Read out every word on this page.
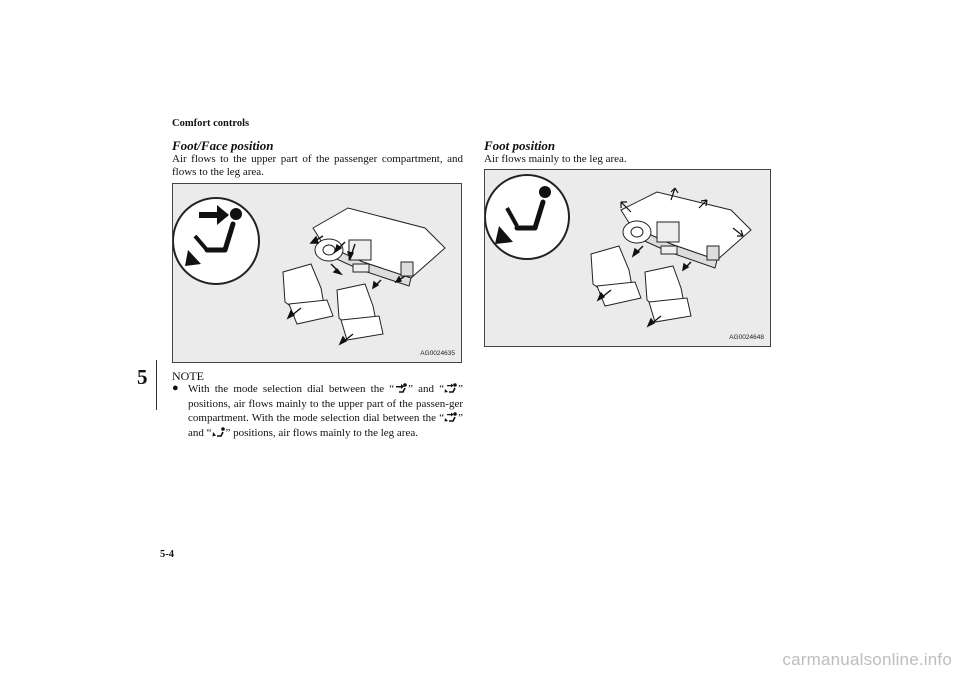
Comfort controls
5
Foot/Face position
Air flows to the upper part of the passenger compartment, and flows to the leg area.
AG0024635
NOTE
● With the mode selection dial between the “ ” and “ ” positions, air flows mainly to the upper part of the passen-ger compartment. With the mode selection dial between the “ ” and “ ” positions, air flows mainly to the leg area.
Foot position
Air flows mainly to the leg area.
AG0024648
5-4
carmanualsonline.info
